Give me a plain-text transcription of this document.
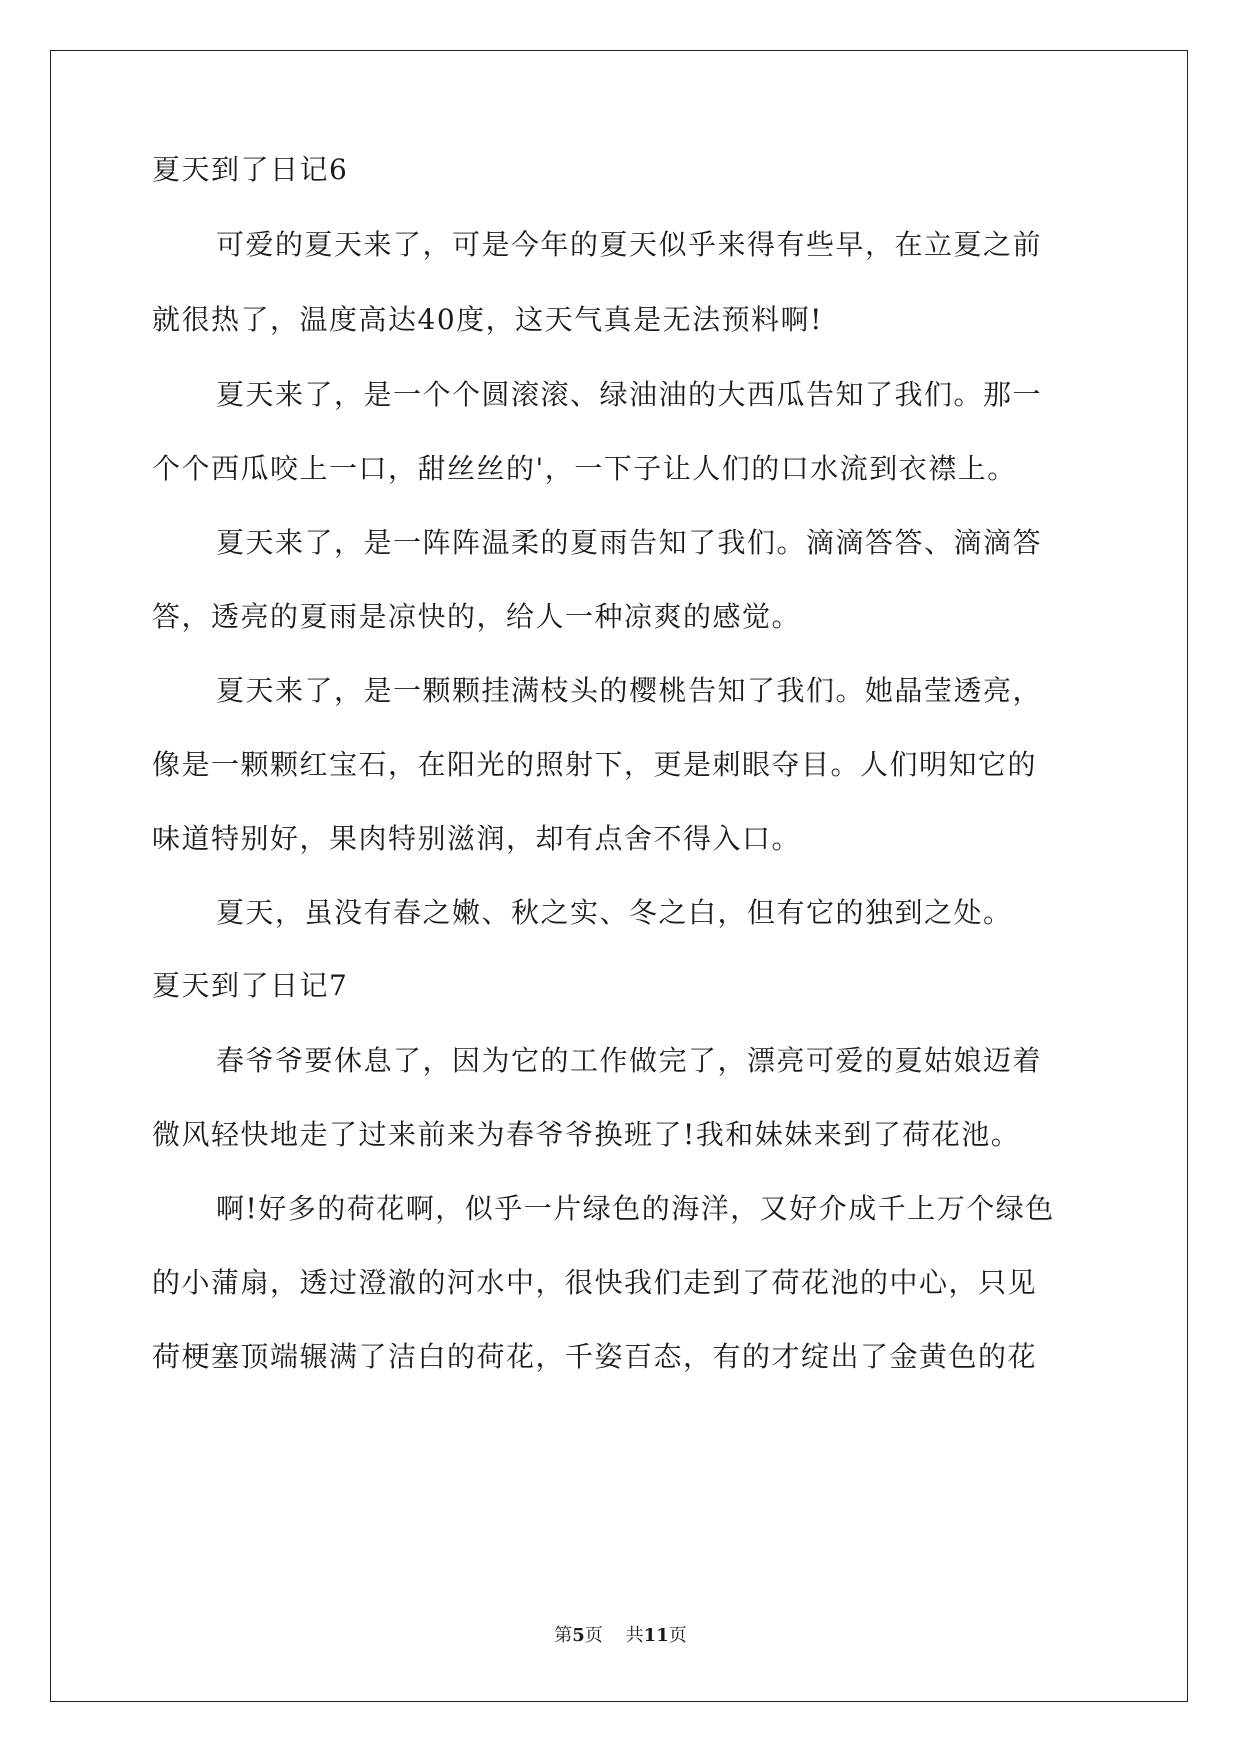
夏天到了日记6
可爱的夏天来了，可是今年的夏天似乎来得有些早，在立夏之前
就很热了，温度高达40度，这天气真是无法预料啊!
夏天来了，是一个个圆滚滚、绿油油的大西瓜告知了我们。那一
个个西瓜咬上一口，甜丝丝的'，一下子让人们的口水流到衣襟上。
夏天来了，是一阵阵温柔的夏雨告知了我们。滴滴答答、滴滴答
答，透亮的夏雨是凉快的，给人一种凉爽的感觉。
夏天来了，是一颗颗挂满枝头的樱桃告知了我们。她晶莹透亮，
像是一颗颗红宝石，在阳光的照射下，更是刺眼夺目。人们明知它的
味道特别好，果肉特别滋润，却有点舍不得入口。
夏天，虽没有春之嫩、秋之实、冬之白，但有它的独到之处。
夏天到了日记7
春爷爷要休息了，因为它的工作做完了，漂亮可爱的夏姑娘迈着
微风轻快地走了过来前来为春爷爷换班了!我和妹妹来到了荷花池。
啊!好多的荷花啊，似乎一片绿色的海洋，又好介成千上万个绿色
的小蒲扇，透过澄澈的河水中，很快我们走到了荷花池的中心，只见
荷梗塞顶端辗满了洁白的荷花，千姿百态，有的才绽出了金黄色的花
第5页 共11页
